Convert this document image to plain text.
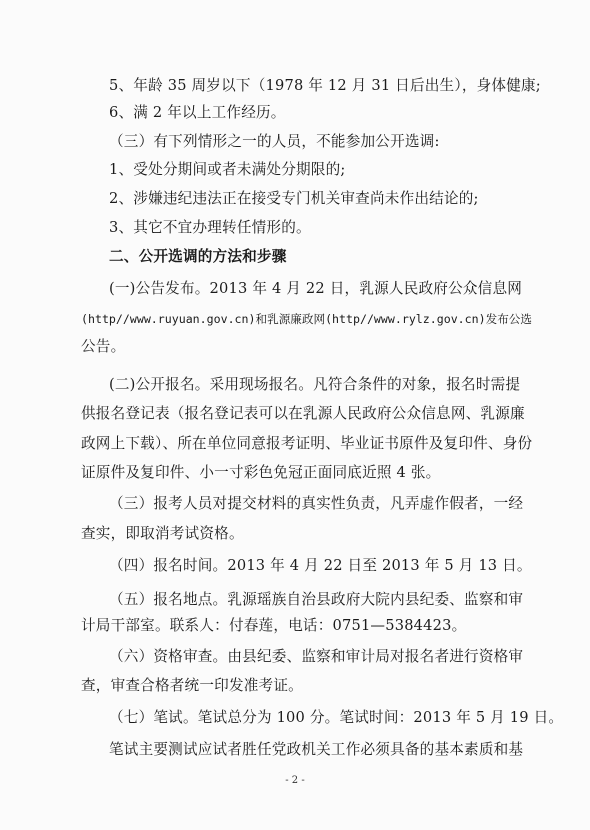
5、年龄 35 周岁以下（1978 年 12 月 31 日后出生），身体健康;
6、满 2 年以上工作经历。
（三）有下列情形之一的人员，不能参加公开选调:
1、受处分期间或者未满处分期限的;
2、涉嫌违纪违法正在接受专门机关审查尚未作出结论的;
3、其它不宜办理转任情形的。
二、公开选调的方法和步骤
(一)公告发布。2013 年 4 月 22 日，乳源人民政府公众信息网
(http//www.ruyuan.gov.cn)和乳源廉政网(http//www.rylz.gov.cn)发布公选
公告。
(二)公开报名。采用现场报名。凡符合条件的对象，报名时需提
供报名登记表（报名登记表可以在乳源人民政府公众信息网、乳源廉
政网上下载）、所在单位同意报考证明、毕业证书原件及复印件、身份
证原件及复印件、小一寸彩色免冠正面同底近照 4 张。
（三）报考人员对提交材料的真实性负责，凡弄虚作假者，一经
查实，即取消考试资格。
（四）报名时间。2013 年 4 月 22 日至 2013 年 5 月 13 日。
（五）报名地点。乳源瑶族自治县政府大院内县纪委、监察和审
计局干部室。联系人：付春莲，电话：0751—5384423。
（六）资格审查。由县纪委、监察和审计局对报名者进行资格审
查，审查合格者统一印发准考证。
（七）笔试。笔试总分为 100 分。笔试时间：2013 年 5 月 19 日。
笔试主要测试应试者胜任党政机关工作必须具备的基本素质和基
- 2 -
